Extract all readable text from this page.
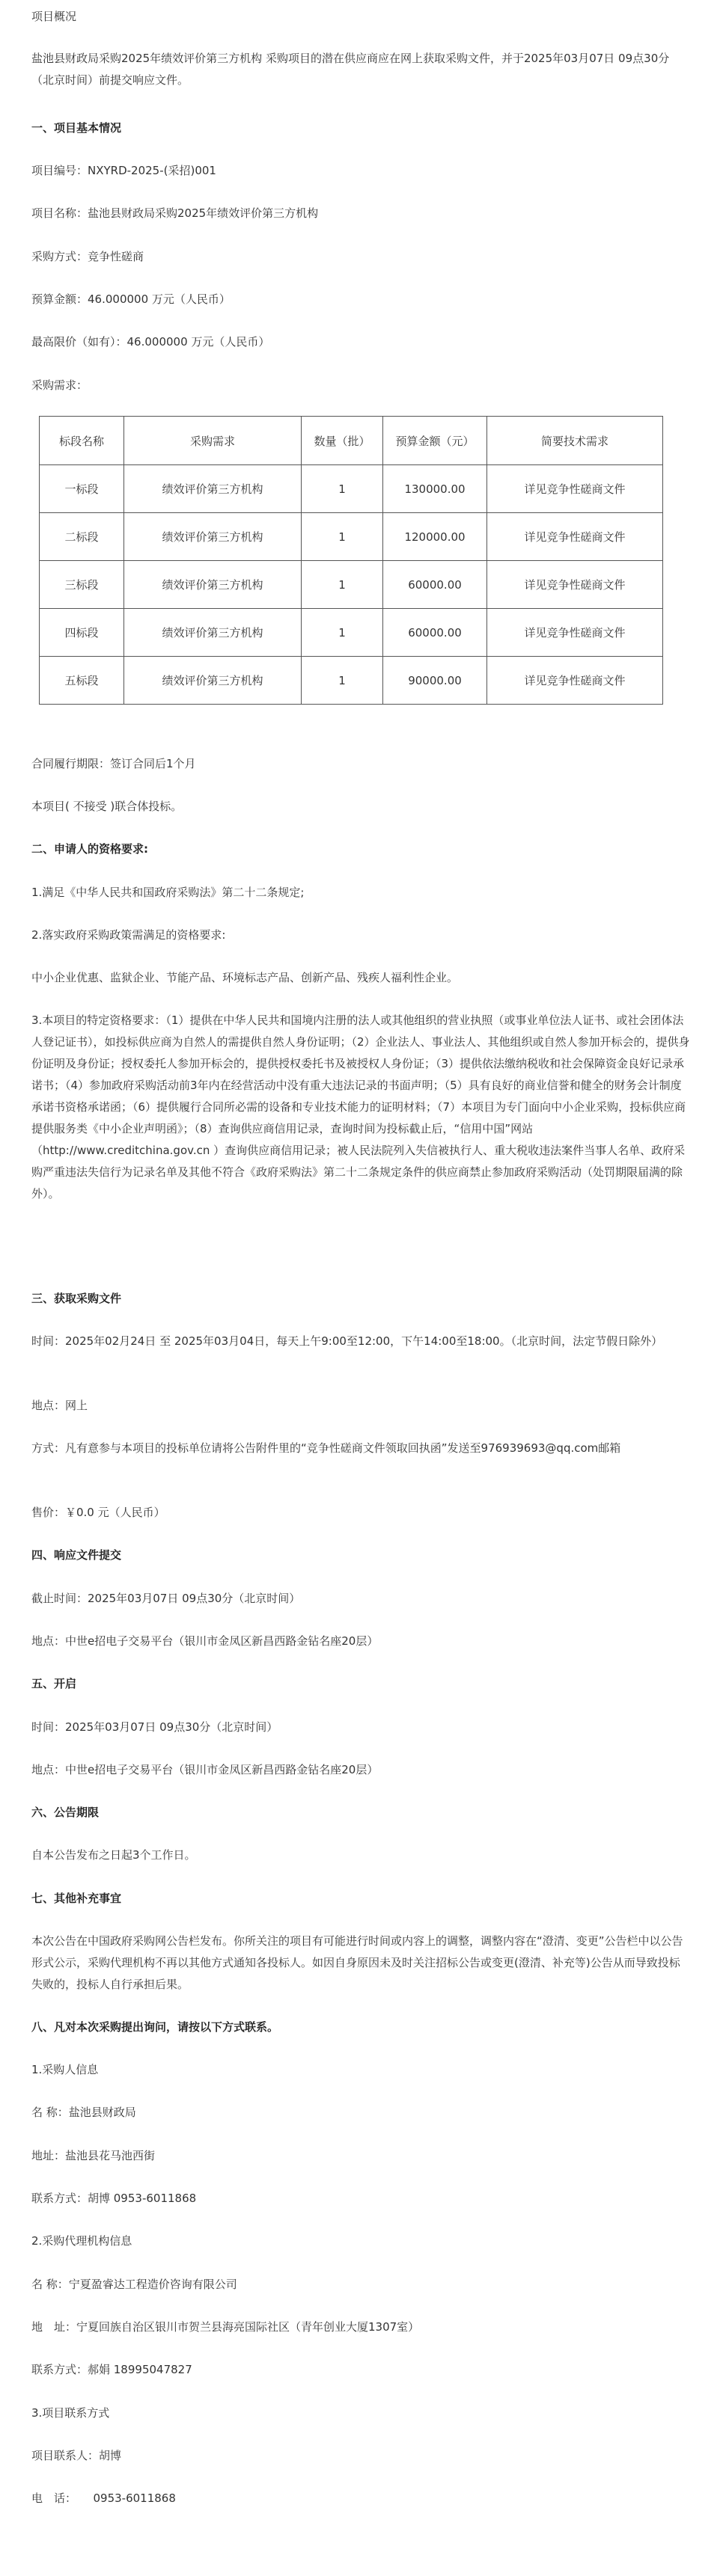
项目概况

盐池县财政局采购2025年绩效评价第三方机构 采购项目的潜在供应商应在网上获取采购文件，并于2025年03月07日 09点30分（北京时间）前提交响应文件。

一、项目基本情况

项目编号：NXYRD-2025-(采招)001

项目名称：盐池县财政局采购2025年绩效评价第三方机构

采购方式：竞争性磋商

预算金额：46.000000 万元（人民币）

最高限价（如有）：46.000000 万元（人民币）

采购需求：

标段名称	采购需求	数量（批）	预算金额（元）	简要技术需求
一标段	绩效评价第三方机构	1	130000.00	详见竞争性磋商文件
二标段	绩效评价第三方机构	1	120000.00	详见竞争性磋商文件
三标段	绩效评价第三方机构	1	60000.00	详见竞争性磋商文件
四标段	绩效评价第三方机构	1	60000.00	详见竞争性磋商文件
五标段	绩效评价第三方机构	1	90000.00	详见竞争性磋商文件

合同履行期限：签订合同后1个月

本项目( 不接受 )联合体投标。

二、申请人的资格要求:

1.满足《中华人民共和国政府采购法》第二十二条规定;

2.落实政府采购政策需满足的资格要求:

中小企业优惠、监狱企业、节能产品、环境标志产品、创新产品、残疾人福利性企业。

3.本项目的特定资格要求：（1）提供在中华人民共和国境内注册的法人或其他组织的营业执照（或事业单位法人证书、或社会团体法人登记证书），如投标供应商为自然人的需提供自然人身份证明；（2）企业法人、事业法人、其他组织或自然人参加开标会的，提供身份证明及身份证；授权委托人参加开标会的，提供授权委托书及被授权人身份证；（3）提供依法缴纳税收和社会保障资金良好记录承诺书；（4）参加政府采购活动前3年内在经营活动中没有重大违法记录的书面声明；（5）具有良好的商业信誉和健全的财务会计制度承诺书资格承诺函；（6）提供履行合同所必需的设备和专业技术能力的证明材料；（7）本项目为专门面向中小企业采购，投标供应商提供服务类《中小企业声明函》；（8）查询供应商信用记录，查询时间为投标截止后，“信用中国”网站（http://www.creditchina.gov.cn ）查询供应商信用记录；被人民法院列入失信被执行人、重大税收违法案件当事人名单、政府采购严重违法失信行为记录名单及其他不符合《政府采购法》第二十二条规定条件的供应商禁止参加政府采购活动（处罚期限届满的除外）。

三、获取采购文件

时间：2025年02月24日 至 2025年03月04日，每天上午9:00至12:00，下午14:00至18:00。（北京时间，法定节假日除外）

地点：网上

方式：凡有意参与本项目的投标单位请将公告附件里的“竞争性磋商文件领取回执函”发送至976939693@qq.com邮箱

售价：￥0.0 元（人民币）

四、响应文件提交

截止时间：2025年03月07日 09点30分（北京时间）

地点：中世e招电子交易平台（银川市金凤区新昌西路金钻名座20层）

五、开启

时间：2025年03月07日 09点30分（北京时间）

地点：中世e招电子交易平台（银川市金凤区新昌西路金钻名座20层）

六、公告期限

自本公告发布之日起3个工作日。

七、其他补充事宜

本次公告在中国政府采购网公告栏发布。你所关注的项目有可能进行时间或内容上的调整，调整内容在“澄清、变更”公告栏中以公告形式公示，采购代理机构不再以其他方式通知各投标人。如因自身原因未及时关注招标公告或变更(澄清、补充等)公告从而导致投标失败的，投标人自行承担后果。

八、凡对本次采购提出询问，请按以下方式联系。

1.采购人信息

名 称：盐池县财政局

地址：盐池县花马池西街

联系方式：胡博 0953-6011868

2.采购代理机构信息

名 称：宁夏盈睿达工程造价咨询有限公司

地　址：宁夏回族自治区银川市贺兰县海亮国际社区（青年创业大厦1307室）

联系方式：郝娟 18995047827

3.项目联系方式

项目联系人：胡博

电　话：　　0953-6011868
